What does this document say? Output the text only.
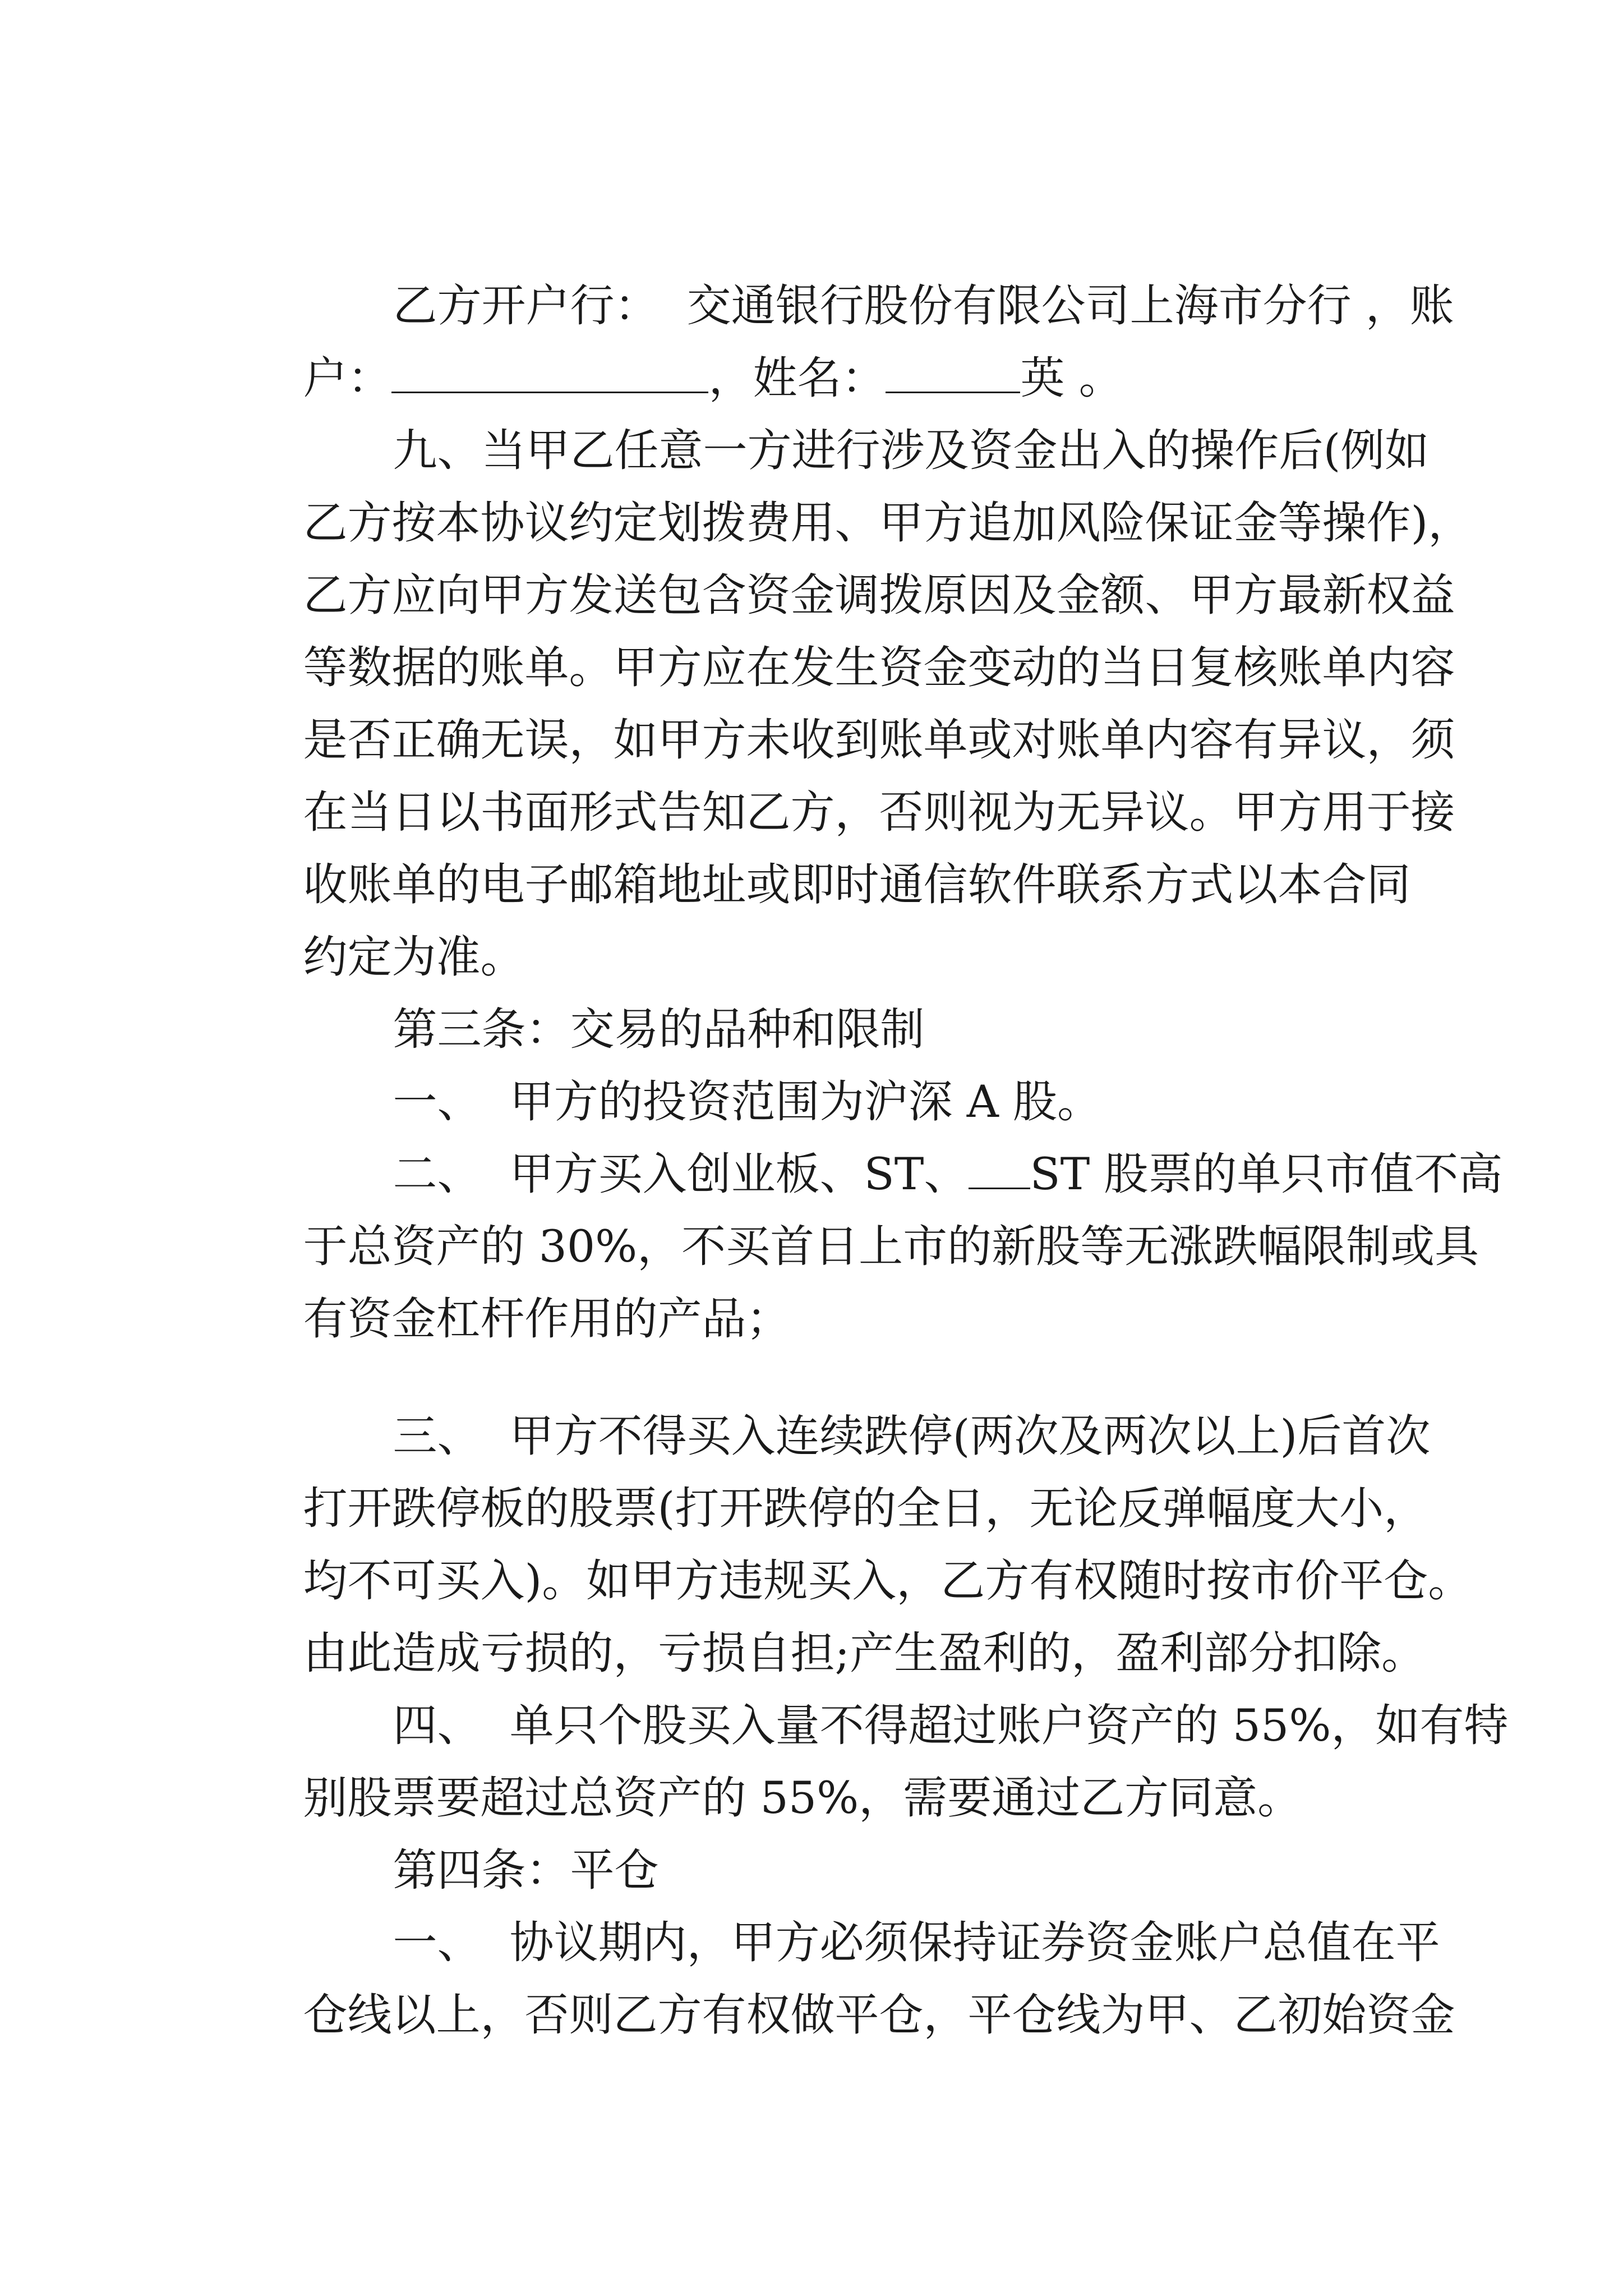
乙方开户行：  交通银行股份有限公司上海市分行 ，账

户：	，姓名：	英 。

九、当甲乙任意一方进行涉及资金出入的操作后(例如

乙方按本协议约定划拨费用、甲方追加风险保证金等操作)，

乙方应向甲方发送包含资金调拨原因及金额、甲方最新权益

等数据的账单。甲方应在发生资金变动的当日复核账单内容

是否正确无误，如甲方未收到账单或对账单内容有异议，须

在当日以书面形式告知乙方，否则视为无异议。甲方用于接

收账单的电子邮箱地址或即时通信软件联系方式以本合同

约定为准。

第三条：交易的品种和限制

一、  甲方的投资范围为沪深 A 股。

二、  甲方买入创业板、ST、 ST 股票的单只市值不高

于总资产的 30%，不买首日上市的新股等无涨跌幅限制或具

有资金杠杆作用的产品；

三、  甲方不得买入连续跌停(两次及两次以上)后首次

打开跌停板的股票(打开跌停的全日，无论反弹幅度大小，

均不可买入)。如甲方违规买入，乙方有权随时按市价平仓。

由此造成亏损的，亏损自担;产生盈利的，盈利部分扣除。

四、  单只个股买入量不得超过账户资产的 55%，如有特

别股票要超过总资产的 55%，需要通过乙方同意。

第四条：平仓

一、  协议期内，甲方必须保持证券资金账户总值在平

仓线以上，否则乙方有权做平仓，平仓线为甲、乙初始资金
